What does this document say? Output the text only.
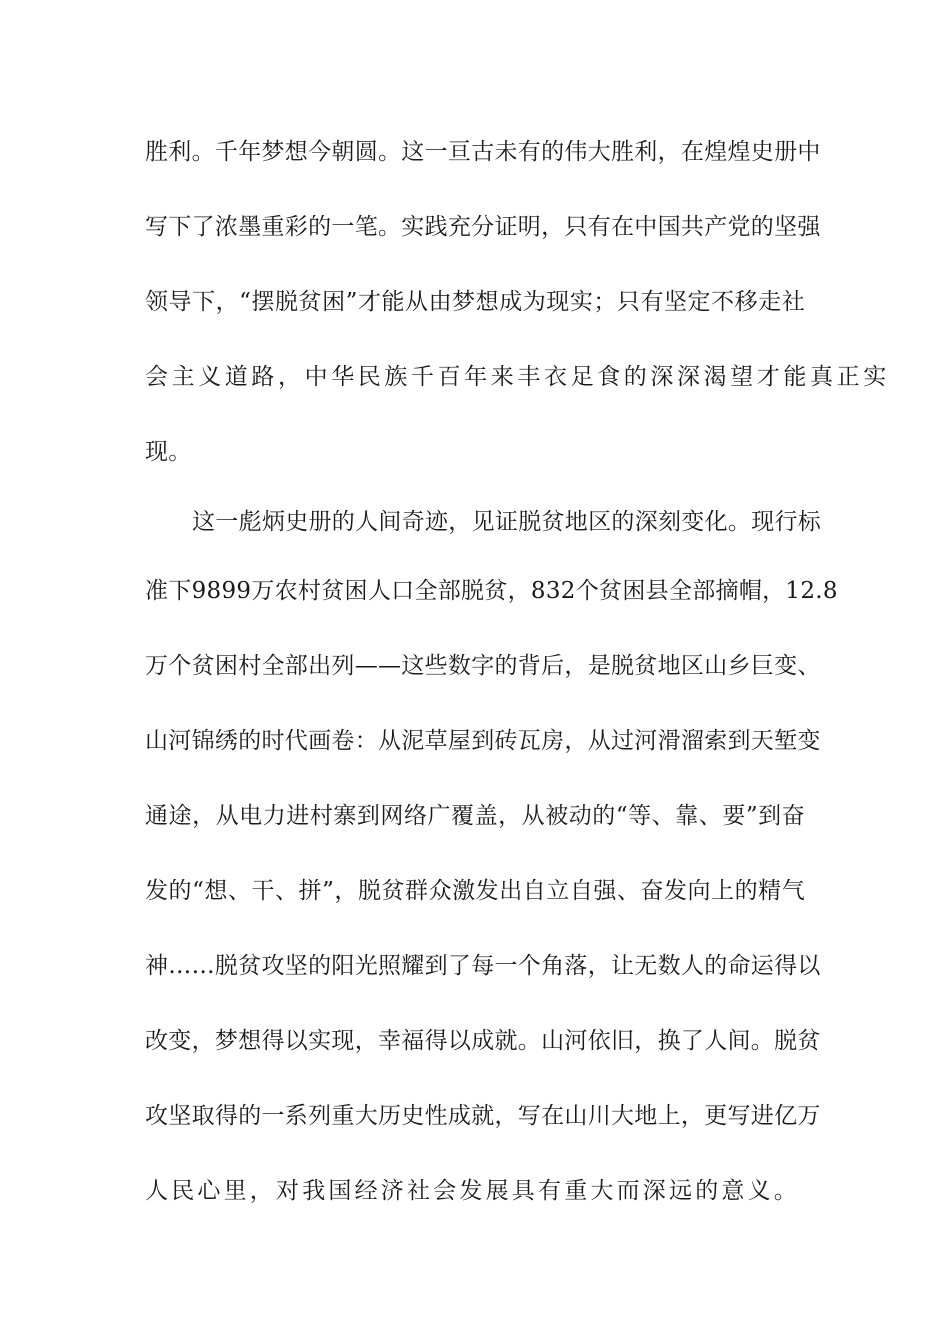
胜利。千年梦想今朝圆。这一亘古未有的伟大胜利，在煌煌史册中
写下了浓墨重彩的一笔。实践充分证明，只有在中国共产党的坚强
领导下，“摆脱贫困”才能从由梦想成为现实；只有坚定不移走社
会主义道路，中华民族千百年来丰衣足食的深深渴望才能真正实
现。
这一彪炳史册的人间奇迹，见证脱贫地区的深刻变化。现行标
准下9899万农村贫困人口全部脱贫，832个贫困县全部摘帽，12.8
万个贫困村全部出列——这些数字的背后，是脱贫地区山乡巨变、
山河锦绣的时代画卷：从泥草屋到砖瓦房，从过河滑溜索到天堑变
通途，从电力进村寨到网络广覆盖，从被动的“等、靠、要”到奋
发的“想、干、拼”，脱贫群众激发出自立自强、奋发向上的精气
神……脱贫攻坚的阳光照耀到了每一个角落，让无数人的命运得以
改变，梦想得以实现，幸福得以成就。山河依旧，换了人间。脱贫
攻坚取得的一系列重大历史性成就，写在山川大地上，更写进亿万
人民心里，对我国经济社会发展具有重大而深远的意义。
